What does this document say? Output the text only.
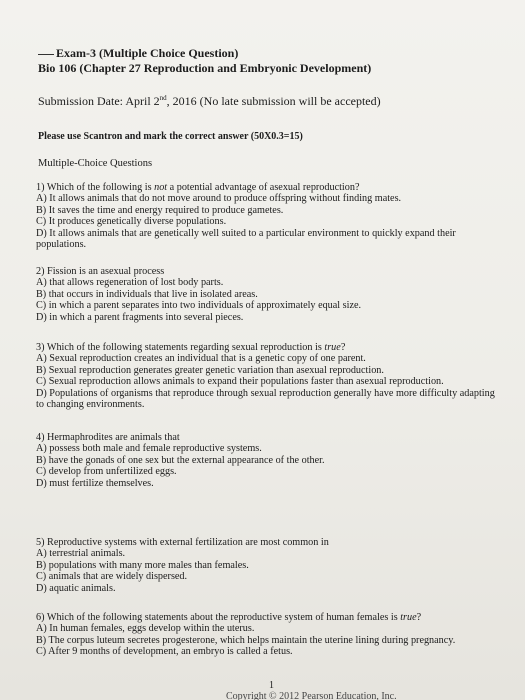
Exam-3 (Multiple Choice Question)
Bio 106 (Chapter 27 Reproduction and Embryonic Development)
Submission Date: April 2nd, 2016 (No late submission will be accepted)
Please use Scantron and mark the correct answer (50X0.3=15)
Multiple-Choice Questions
1) Which of the following is not a potential advantage of asexual reproduction?
A) It allows animals that do not move around to produce offspring without finding mates.
B) It saves the time and energy required to produce gametes.
C) It produces genetically diverse populations.
D) It allows animals that are genetically well suited to a particular environment to quickly expand their populations.
2) Fission is an asexual process
A) that allows regeneration of lost body parts.
B) that occurs in individuals that live in isolated areas.
C) in which a parent separates into two individuals of approximately equal size.
D) in which a parent fragments into several pieces.
3) Which of the following statements regarding sexual reproduction is true?
A) Sexual reproduction creates an individual that is a genetic copy of one parent.
B) Sexual reproduction generates greater genetic variation than asexual reproduction.
C) Sexual reproduction allows animals to expand their populations faster than asexual reproduction.
D) Populations of organisms that reproduce through sexual reproduction generally have more difficulty adapting to changing environments.
4) Hermaphrodites are animals that
A) possess both male and female reproductive systems.
B) have the gonads of one sex but the external appearance of the other.
C) develop from unfertilized eggs.
D) must fertilize themselves.
5) Reproductive systems with external fertilization are most common in
A) terrestrial animals.
B) populations with many more males than females.
C) animals that are widely dispersed.
D) aquatic animals.
6) Which of the following statements about the reproductive system of human females is true?
A) In human females, eggs develop within the uterus.
B) The corpus luteum secretes progesterone, which helps maintain the uterine lining during pregnancy.
C) After 9 months of development, an embryo is called a fetus.
1
Copyright © 2012 Pearson Education, Inc.
